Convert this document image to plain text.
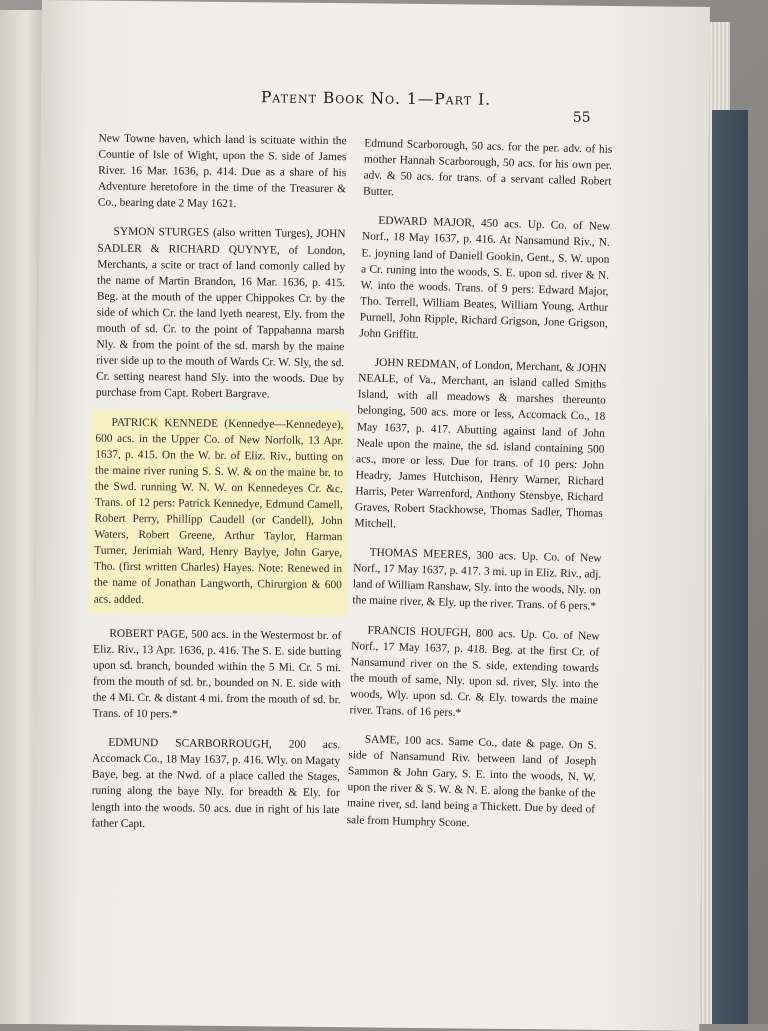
Patent Book No. 1—Part I.
55

New Towne haven, which land is scituate within the Countie of Isle of Wight, upon the S. side of James River. 16 Mar. 1636, p. 414. Due as a share of his Adventure heretofore in the time of the Treasurer & Co., bearing date 2 May 1621.

SYMON STURGES (also written Turges), JOHN SADLER & RICHARD QUYNYE, of London, Merchants, a scite or tract of land comonly called by the name of Martin Brandon, 16 Mar. 1636, p. 415. Beg. at the mouth of the upper Chippokes Cr. by the side of which Cr. the land lyeth nearest, Ely. from the mouth of sd. Cr. to the point of Tappahanna marsh Nly. & from the point of the sd. marsh by the maine river side up to the mouth of Wards Cr. W. Sly, the sd. Cr. setting nearest hand Sly. into the woods. Due by purchase from Capt. Robert Bargrave.

PATRICK KENNEDE (Kennedye—Kennedeye), 600 acs. in the Upper Co. of New Norfolk, 13 Apr. 1637, p. 415. On the W. br. of Eliz. Riv., butting on the maine river runing S. S. W. & on the maine br. to the Swd. running W. N. W. on Kennedeyes Cr. &c. Trans. of 12 pers: Patrick Kennedye, Edmund Camell, Robert Perry, Phillipp Caudell (or Candell), John Waters, Robert Greene, Arthur Taylor, Harman Turner, Jerimiah Ward, Henry Baylye, John Garye, Tho. (first written Charles) Hayes. Note: Renewed in the name of Jonathan Langworth, Chirurgion & 600 acs. added.

ROBERT PAGE, 500 acs. in the Westermost br. of Eliz. Riv., 13 Apr. 1636, p. 416. The S. E. side butting upon sd. branch, bounded within the 5 Mi. Cr. 5 mi. from the mouth of sd. br., bounded on N. E. side with the 4 Mi. Cr. & distant 4 mi. from the mouth of sd. br. Trans. of 10 pers.*

EDMUND SCARBORROUGH, 200 acs. Accomack Co., 18 May 1637, p. 416. Wly. on Magaty Baye, beg. at the Nwd. of a place called the Stages, runing along the baye Nly. for breadth & Ely. for length into the woods. 50 acs. due in right of his late father Capt.

Edmund Scarborough, 50 acs. for the per. adv. of his mother Hannah Scarborough, 50 acs. for his own per. adv. & 50 acs. for trans. of a servant called Robert Butter.

EDWARD MAJOR, 450 acs. Up. Co. of New Norf., 18 May 1637, p. 416. At Nansamund Riv., N. E. joyning land of Daniell Gookin, Gent., S. W. upon a Cr. runing into the woods, S. E. upon sd. river & N. W. into the woods. Trans. of 9 pers: Edward Major, Tho. Terrell, William Beates, William Young, Arthur Purnell, John Ripple, Richard Grigson, Jone Grigson, John Griffitt.

JOHN REDMAN, of London, Merchant, & JOHN NEALE, of Va., Merchant, an island called Smiths Island, with all meadows & marshes thereunto belonging, 500 acs. more or less, Accomack Co., 18 May 1637, p. 417. Abutting against land of John Neale upon the maine, the sd. island containing 500 acs., more or less. Due for trans. of 10 pers: John Headry, James Hutchison, Henry Warner, Richard Harris, Peter Warrenford, Anthony Stensbye, Richard Graves, Robert Stackhowse, Thomas Sadler, Thomas Mitchell.

THOMAS MEERES, 300 acs. Up. Co. of New Norf., 17 May 1637, p. 417. 3 mi. up in Eliz. Riv., adj. land of William Ranshaw, Sly. into the woods, Nly. on the maine river, & Ely. up the river. Trans. of 6 pers.*

FRANCIS HOUFGH, 800 acs. Up. Co. of New Norf., 17 May 1637, p. 418. Beg. at the first Cr. of Nansamund river on the S. side, extending towards the mouth of same, Nly. upon sd. river, Sly. into the woods, Wly. upon sd. Cr. & Ely. towards the maine river. Trans. of 16 pers.*

SAME, 100 acs. Same Co., date & page. On S. side of Nansamund Riv. between land of Joseph Sammon & John Gary, S. E. into the woods, N. W. upon the river & S. W. & N. E. along the banke of the maine river, sd. land being a Thickett. Due by deed of sale from Humphry Scone.
